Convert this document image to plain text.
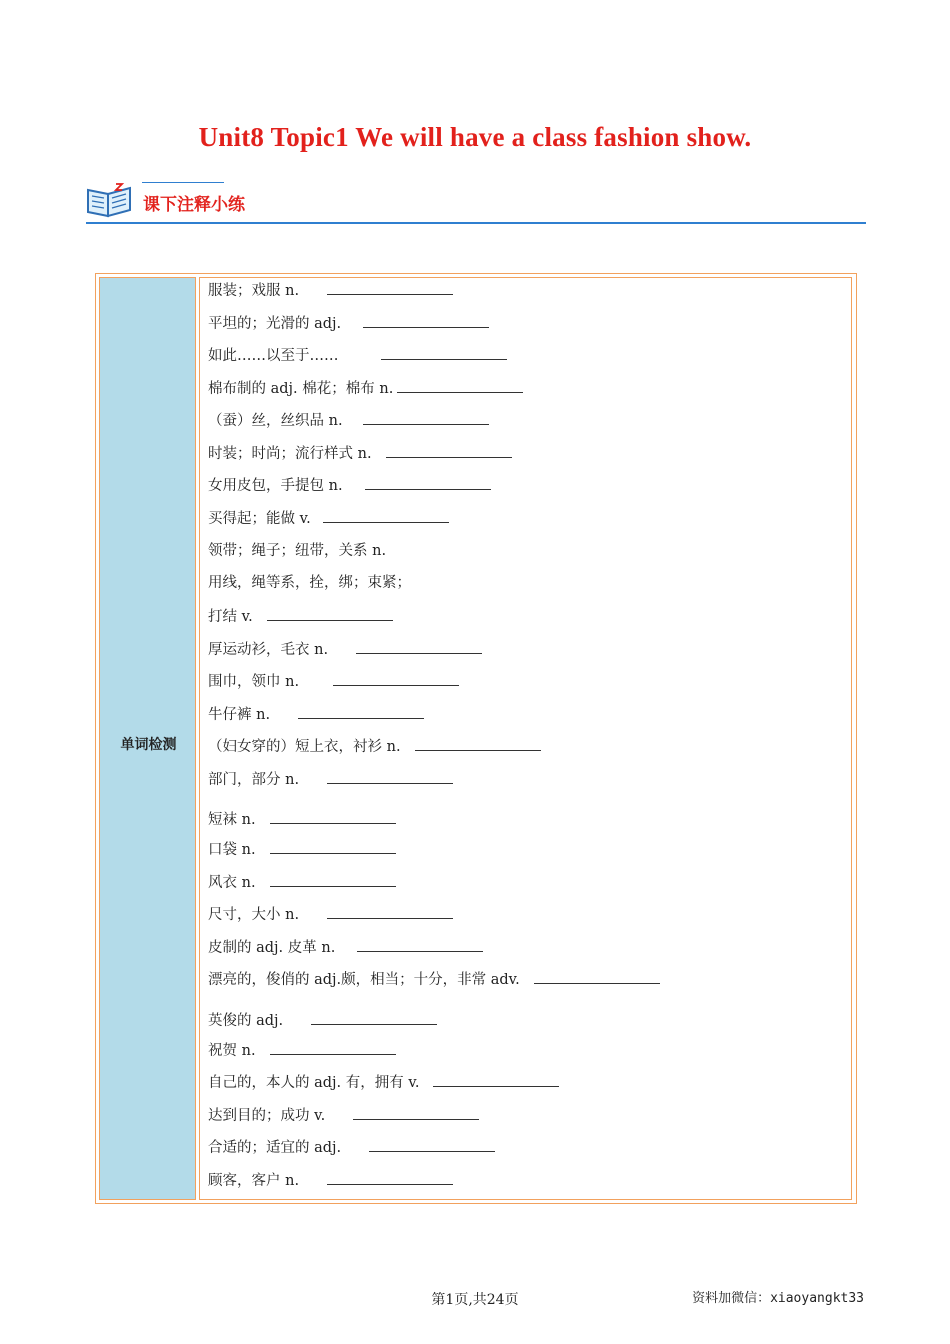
Unit8 Topic1 We will have a class fashion show.
课下注释小练
单词检测
服装；戏服 n.
平坦的；光滑的 adj.
如此……以至于……
棉布制的 adj. 棉花；棉布 n.
（蚕）丝，丝织品 n.
时装；时尚；流行样式 n.
女用皮包，手提包 n.
买得起；能做 v.
领带；绳子；纽带，关系 n.
用线，绳等系，拴，绑；束紧；
打结 v.
厚运动衫，毛衣 n.
围巾，领巾 n.
牛仔裤 n.
（妇女穿的）短上衣，衬衫 n.
部门，部分 n.
短袜 n.
口袋 n.
风衣 n.
尺寸，大小 n.
皮制的 adj. 皮革 n.
漂亮的，俊俏的 adj.颇，相当；十分，非常 adv.
英俊的 adj.
祝贺 n.
自己的，本人的 adj. 有，拥有 v.
达到目的；成功 v.
合适的；适宜的 adj.
顾客，客户 n.
第1页,共24页	资料加微信：xiaoyangkt33
